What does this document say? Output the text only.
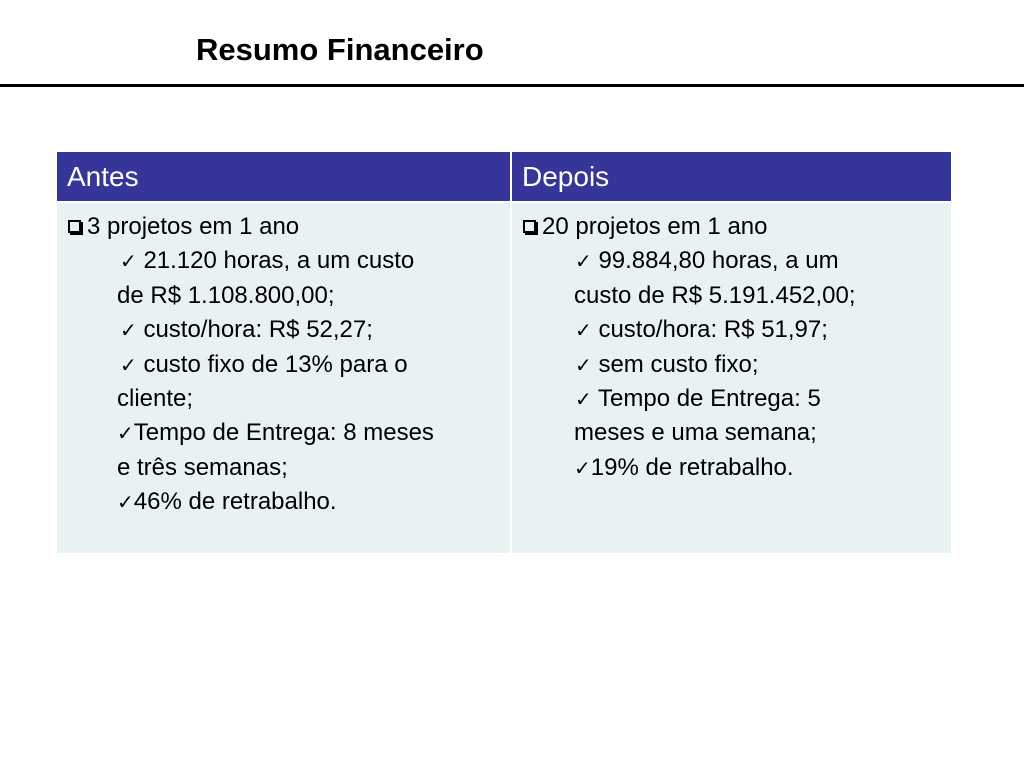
Resumo Financeiro
Antes
3 projetos em 1 ano
✓ 21.120 horas, a um custo
de R$ 1.108.800,00;
✓ custo/hora: R$ 52,27;
✓ custo fixo de 13% para o
cliente;
✓Tempo de Entrega: 8 meses
e três semanas;
✓46% de retrabalho.
Depois
20 projetos em 1 ano
✓ 99.884,80 horas, a um
custo de R$ 5.191.452,00;
✓ custo/hora: R$ 51,97;
✓ sem custo fixo;
✓ Tempo de Entrega: 5
meses e uma semana;
✓19% de retrabalho.
